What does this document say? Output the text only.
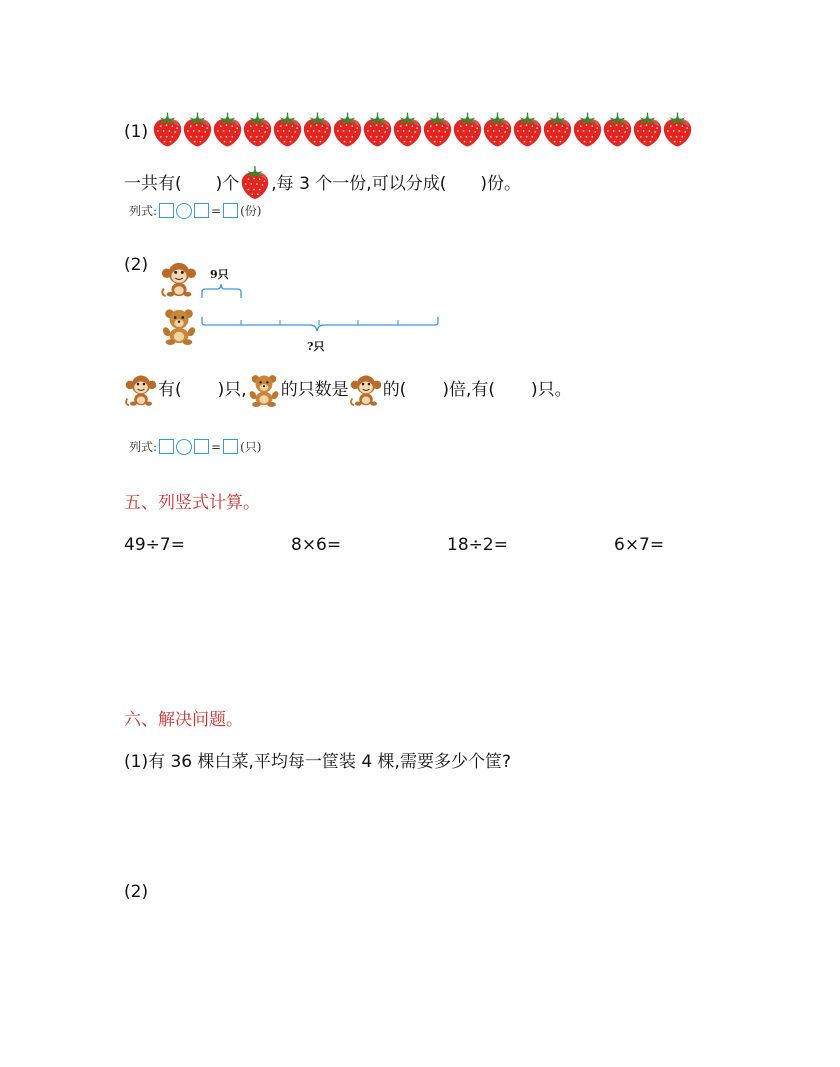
(1)
一共有( )个 ,每 3 个一份,可以分成( )份。
列式:	= (份)
(2)	9只
?只
有( )只, 的只数是 的( )倍,有( )只。
列式:	= (只)
五、列竖式计算。
49÷7=	8×6=	18÷2=	6×7=
六、解决问题。
(1)有 36 棵白菜,平均每一筐装 4 棵,需要多少个筐?
(2)
